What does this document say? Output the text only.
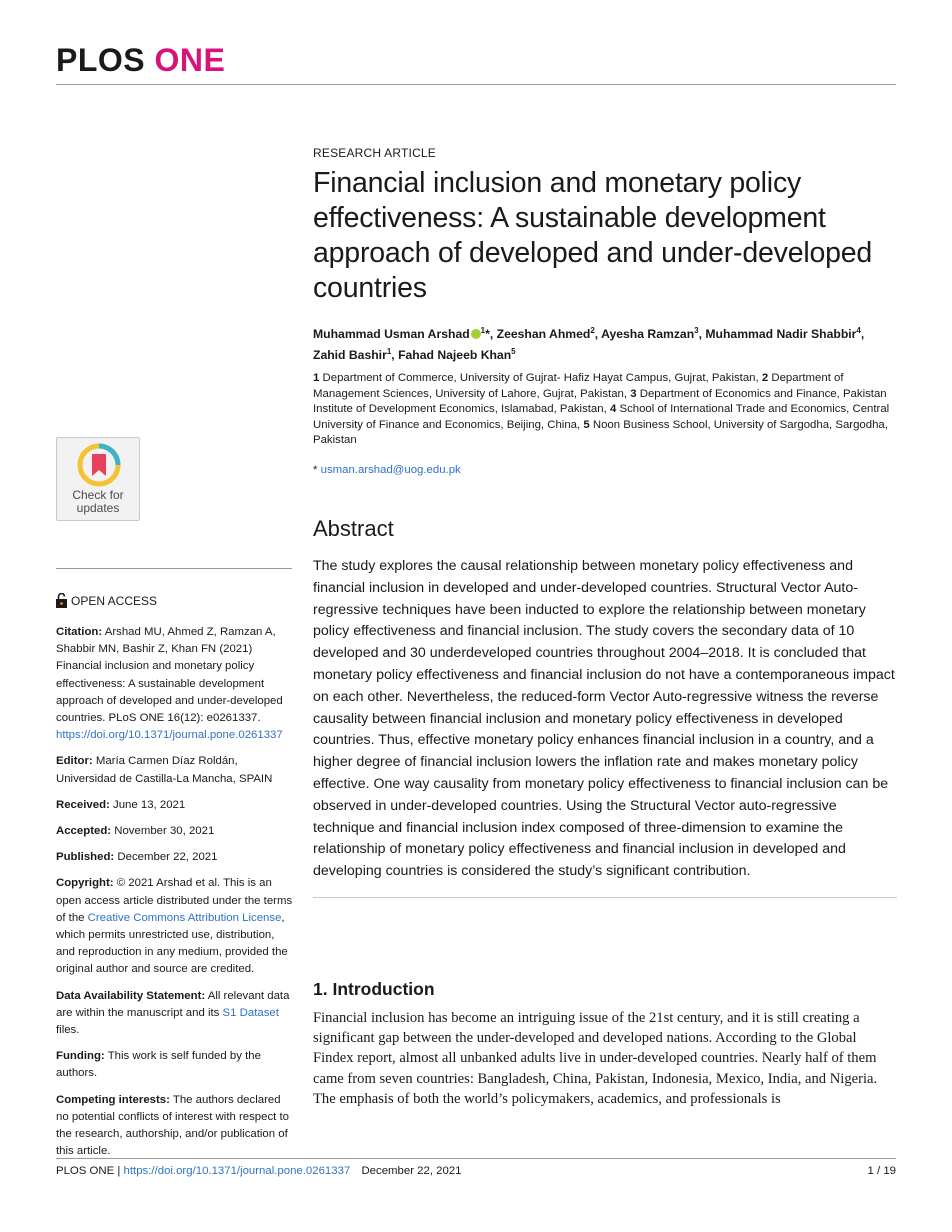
PLOS ONE
Check for
updates
OPEN ACCESS

Citation: Arshad MU, Ahmed Z, Ramzan A, Shabbir MN, Bashir Z, Khan FN (2021) Financial inclusion and monetary policy effectiveness: A sustainable development approach of developed and under-developed countries. PLoS ONE 16(12): e0261337. https://doi.org/10.1371/journal.pone.0261337

Editor: María Carmen Díaz Roldán, Universidad de Castilla-La Mancha, SPAIN

Received: June 13, 2021

Accepted: November 30, 2021

Published: December 22, 2021

Copyright: © 2021 Arshad et al. This is an open access article distributed under the terms of the Creative Commons Attribution License, which permits unrestricted use, distribution, and reproduction in any medium, provided the original author and source are credited.

Data Availability Statement: All relevant data are within the manuscript and its S1 Dataset files.

Funding: This work is self funded by the authors.

Competing interests: The authors declared no potential conflicts of interest with respect to the research, authorship, and/or publication of this article.

RESEARCH ARTICLE
Financial inclusion and monetary policy effectiveness: A sustainable development approach of developed and under-developed countries
Muhammad Usman Arshad $^1$*, Zeeshan Ahmed$^2$, Ayesha Ramzan$^3$, Muhammad Nadir Shabbir$^4$, Zahid Bashir$^1$, Fahad Najeeb Khan$^5$
1 Department of Commerce, University of Gujrat- Hafiz Hayat Campus, Gujrat, Pakistan, 2 Department of Management Sciences, University of Lahore, Gujrat, Pakistan, 3 Department of Economics and Finance, Pakistan Institute of Development Economics, Islamabad, Pakistan, 4 School of International Trade and Economics, Central University of Finance and Economics, Beijing, China, 5 Noon Business School, University of Sargodha, Sargodha, Pakistan
* usman.arshad@uog.edu.pk
Abstract

The study explores the causal relationship between monetary policy effectiveness and financial inclusion in developed and under-developed countries. Structural Vector Auto-regressive techniques have been inducted to explore the relationship between monetary policy effectiveness and financial inclusion. The study covers the secondary data of 10 developed and 30 underdeveloped countries throughout 2004–2018. It is concluded that monetary policy effectiveness and financial inclusion do not have a contemporaneous impact on each other. Nevertheless, the reduced-form Vector Auto-regressive witness the reverse causality between financial inclusion and monetary policy effectiveness in developed countries. Thus, effective monetary policy enhances financial inclusion in a country, and a higher degree of financial inclusion lowers the inflation rate and makes monetary policy effective. One way causality from monetary policy effectiveness to financial inclusion can be observed in under-developed countries. Using the Structural Vector auto-regressive technique and financial inclusion index composed of three-dimension to examine the relationship of monetary policy effectiveness and financial inclusion in developed and developing countries is considered the study’s significant contribution.

1. Introduction

Financial inclusion has become an intriguing issue of the 21st century, and it is still creating a significant gap between the under-developed and developed nations. According to the Global Findex report, almost all unbanked adults live in under-developed countries. Nearly half of them came from seven countries: Bangladesh, China, Pakistan, Indonesia, Mexico, India, and Nigeria. The emphasis of both the world’s policymakers, academics, and professionals is

PLOS ONE | https://doi.org/10.1371/journal.pone.0261337 December 22, 2021	1 / 19
